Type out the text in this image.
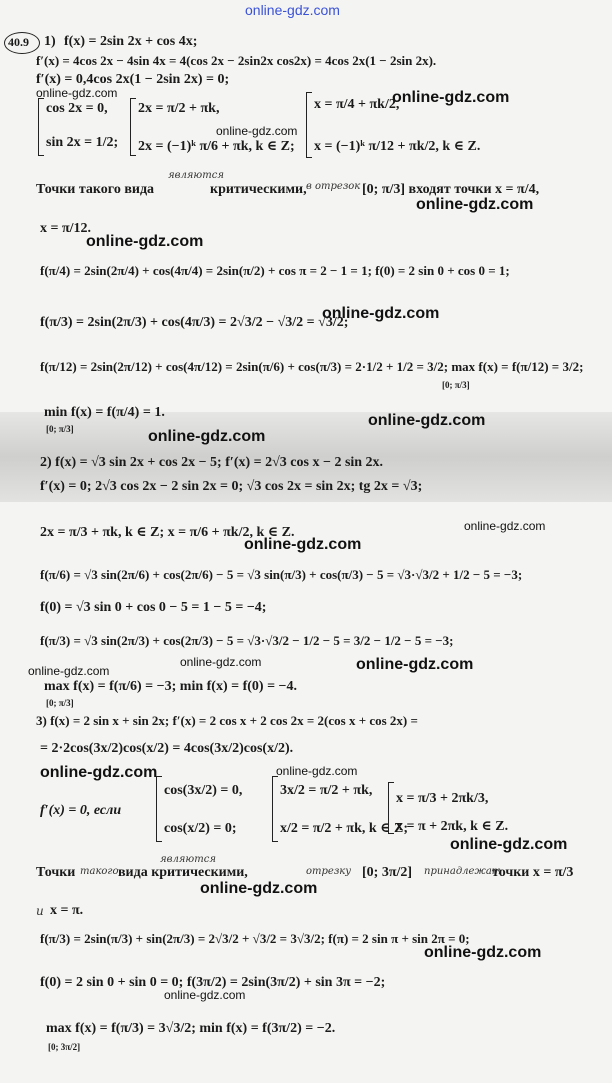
online-gdz.com
40.9 1) f(x) = 2sin 2x + cos 4x;
f′(x) = 4cos 2x − 4sin 4x = 4(cos 2x − 2sin2x cos2x) = 4cos 2x(1 − 2sin 2x).
f′(x) = 0,4cos 2x(1 − 2sin 2x) = 0;
online-gdz.com
cos 2x = 0,
sin 2x = 1/2;
2x = π/2 + πk,
online-gdz.com
2x = (−1)ᵏ π/6 + πk, k ∈ Z;
x = π/4 + πk/2,
online-gdz.com
x = (−1)ᵏ π/12 + πk/2, k ∈ Z.
Точки такого вида
являются
критическими, в отрезок [0; π/3] входят точки x = π/4,
online-gdz.com
x = π/12.
online-gdz.com
f(π/4) = 2sin(2π/4) + cos(4π/4) = 2sin(π/2) + cos π = 2 − 1 = 1; f(0) = 2 sin 0 + cos 0 = 1;
f(π/3) = 2sin(2π/3) + cos(4π/3) = 2√3/2 − √3/2 = √3/2;
online-gdz.com
f(π/12) = 2sin(2π/12) + cos(4π/12) = 2sin(π/6) + cos(π/3) = 2·1/2 + 1/2 = 3/2; max f(x) = f(π/12) = 3/2;
[0; π/3]
min f(x) = f(π/4) = 1.
[0; π/3]	online-gdz.com
online-gdz.com
2) f(x) = √3 sin 2x + cos 2x − 5; f′(x) = 2√3 cos x − 2 sin 2x.
f′(x) = 0; 2√3 cos 2x − 2 sin 2x = 0; √3 cos 2x = sin 2x; tg 2x = √3;
online-gdz.com
2x = π/3 + πk, k ∈ Z; x = π/6 + πk/2, k ∈ Z.
online-gdz.com
f(π/6) = √3 sin(2π/6) + cos(2π/6) − 5 = √3 sin(π/3) + cos(π/3) − 5 = √3·√3/2 + 1/2 − 5 = −3;
f(0) = √3 sin 0 + cos 0 − 5 = 1 − 5 = −4;
f(π/3) = √3 sin(2π/3) + cos(2π/3) − 5 = √3·√3/2 − 1/2 − 5 = 3/2 − 1/2 − 5 = −3;
online-gdz.com	online-gdz.com
online-gdz.com
max f(x) = f(π/6) = −3; min f(x) = f(0) = −4.
[0; π/3]
3) f(x) = 2 sin x + sin 2x; f′(x) = 2 cos x + 2 cos 2x = 2(cos x + cos 2x) =
= 2·2cos(3x/2)cos(x/2) = 4cos(3x/2)cos(x/2).
online-gdz.com	online-gdz.com
f′(x) = 0, если
cos(3x/2) = 0,
cos(x/2) = 0;
3x/2 = π/2 + πk,
x/2 = π/2 + πk, k ∈ Z;
x = π/3 + 2πk/3,
x = π + 2πk, k ∈ Z.
online-gdz.com
Точки такого
являются
вида критическими,	отрезку [0; 3π/2] принадлежат
точки x = π/3
online-gdz.com
и x = π.
f(π/3) = 2sin(π/3) + sin(2π/3) = 2√3/2 + √3/2 = 3√3/2; f(π) = 2 sin π + sin 2π = 0;
online-gdz.com
f(0) = 2 sin 0 + sin 0 = 0; f(3π/2) = 2sin(3π/2) + sin 3π = −2;
online-gdz.com
max f(x) = f(π/3) = 3√3/2; min f(x) = f(3π/2) = −2.
[0; 3π/2]
